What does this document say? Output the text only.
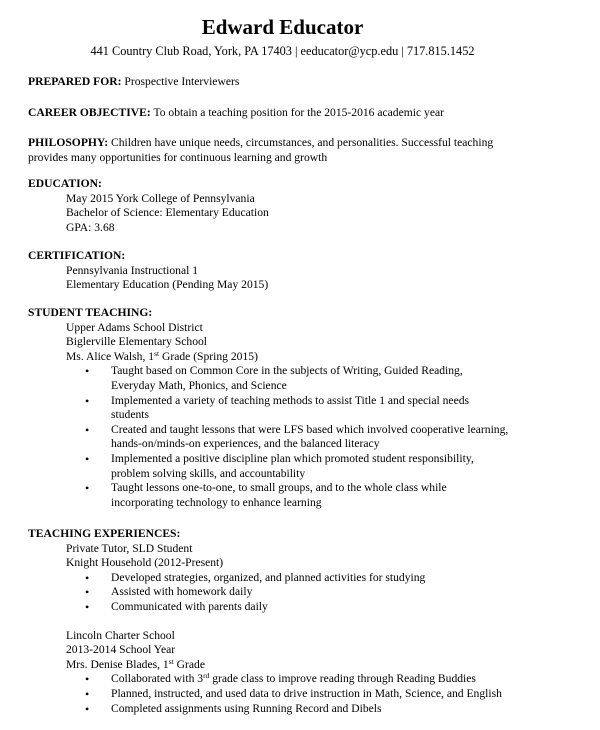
Edward Educator
441 Country Club Road, York, PA 17403 | eeducator@ycp.edu | 717.815.1452
PREPARED FOR: Prospective Interviewers
CAREER OBJECTIVE: To obtain a teaching position for the 2015-2016 academic year
PHILOSOPHY: Children have unique needs, circumstances, and personalities. Successful teaching
provides many opportunities for continuous learning and growth
EDUCATION:
May 2015 York College of Pennsylvania
Bachelor of Science: Elementary Education
GPA: 3.68
CERTIFICATION:
Pennsylvania Instructional 1
Elementary Education (Pending May 2015)
STUDENT TEACHING:
Upper Adams School District
Biglerville Elementary School
Ms. Alice Walsh, 1st Grade (Spring 2015)
• Taught based on Common Core in the subjects of Writing, Guided Reading,
Everyday Math, Phonics, and Science
• Implemented a variety of teaching methods to assist Title 1 and special needs
students
• Created and taught lessons that were LFS based which involved cooperative learning,
hands-on/minds-on experiences, and the balanced literacy
• Implemented a positive discipline plan which promoted student responsibility,
problem solving skills, and accountability
• Taught lessons one-to-one, to small groups, and to the whole class while
incorporating technology to enhance learning
TEACHING EXPERIENCES:
Private Tutor, SLD Student
Knight Household (2012-Present)
• Developed strategies, organized, and planned activities for studying
• Assisted with homework daily
• Communicated with parents daily
Lincoln Charter School
2013-2014 School Year
Mrs. Denise Blades, 1st Grade
• Collaborated with 3rd grade class to improve reading through Reading Buddies
• Planned, instructed, and used data to drive instruction in Math, Science, and English
• Completed assignments using Running Record and Dibels
